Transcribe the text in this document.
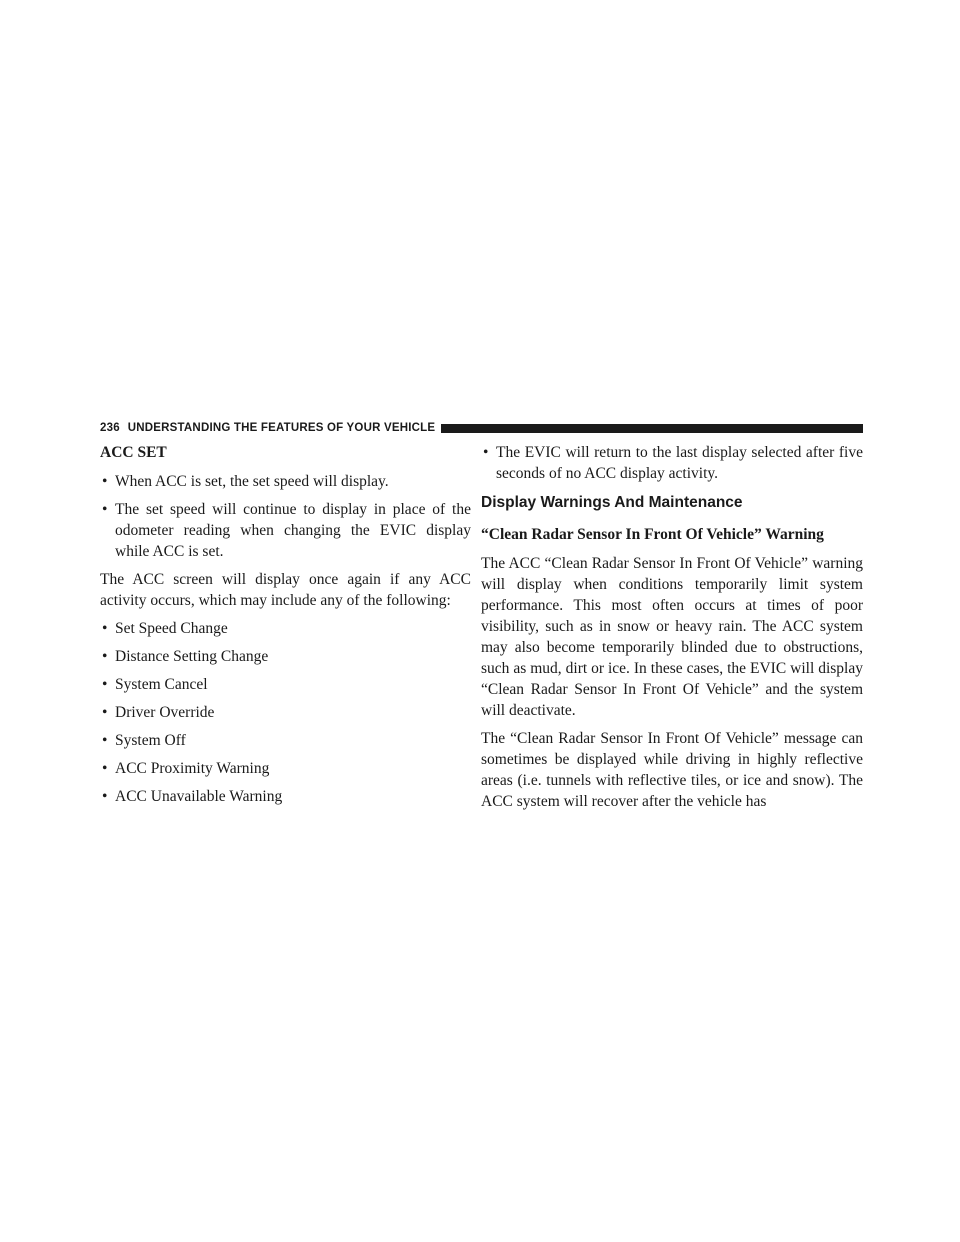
236 UNDERSTANDING THE FEATURES OF YOUR VEHICLE
ACC SET
• When ACC is set, the set speed will display.
• The set speed will continue to display in place of the odometer reading when changing the EVIC display while ACC is set.

The ACC screen will display once again if any ACC activity occurs, which may include any of the following:

• Set Speed Change
• Distance Setting Change
• System Cancel
• Driver Override
• System Off
• ACC Proximity Warning
• ACC Unavailable Warning
• The EVIC will return to the last display selected after five seconds of no ACC display activity.
Display Warnings And Maintenance
“Clean Radar Sensor In Front Of Vehicle” Warning

The ACC “Clean Radar Sensor In Front Of Vehicle” warning will display when conditions temporarily limit system performance. This most often occurs at times of poor visibility, such as in snow or heavy rain. The ACC system may also become temporarily blinded due to obstructions, such as mud, dirt or ice. In these cases, the EVIC will display “Clean Radar Sensor In Front Of Vehicle” and the system will deactivate.

The “Clean Radar Sensor In Front Of Vehicle” message can sometimes be displayed while driving in highly reflective areas (i.e. tunnels with reflective tiles, or ice and snow). The ACC system will recover after the vehicle has
